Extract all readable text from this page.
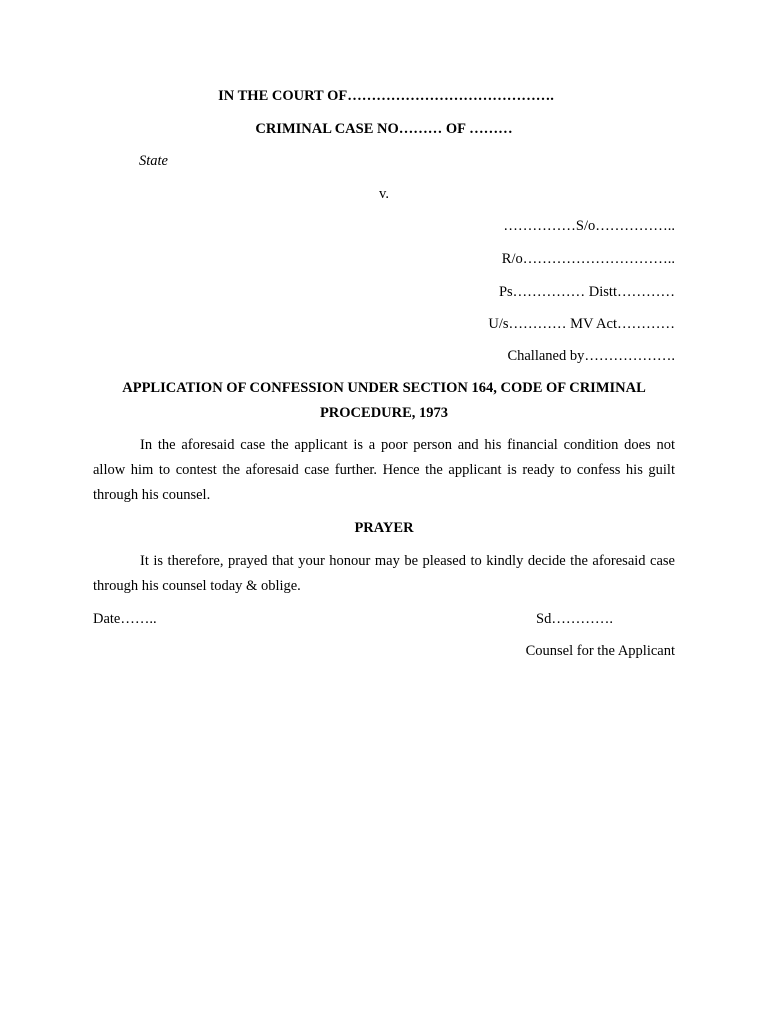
IN THE COURT OF…………………………………….
CRIMINAL CASE NO……… OF ………
State
v.
……………S/o……………..
R/o…………………………..
Ps…………… Distt…………
U/s………… MV Act…………
Challaned by……………….
APPLICATION OF CONFESSION UNDER SECTION 164, CODE OF CRIMINAL PROCEDURE, 1973
In the aforesaid case the applicant is a poor person and his financial condition does not allow him to contest the aforesaid case further. Hence the applicant is ready to confess his guilt through his counsel.
PRAYER
It is therefore, prayed that your honour may be pleased to kindly decide the aforesaid case through his counsel today & oblige.
Date……..	Sd………….
Counsel for the Applicant
